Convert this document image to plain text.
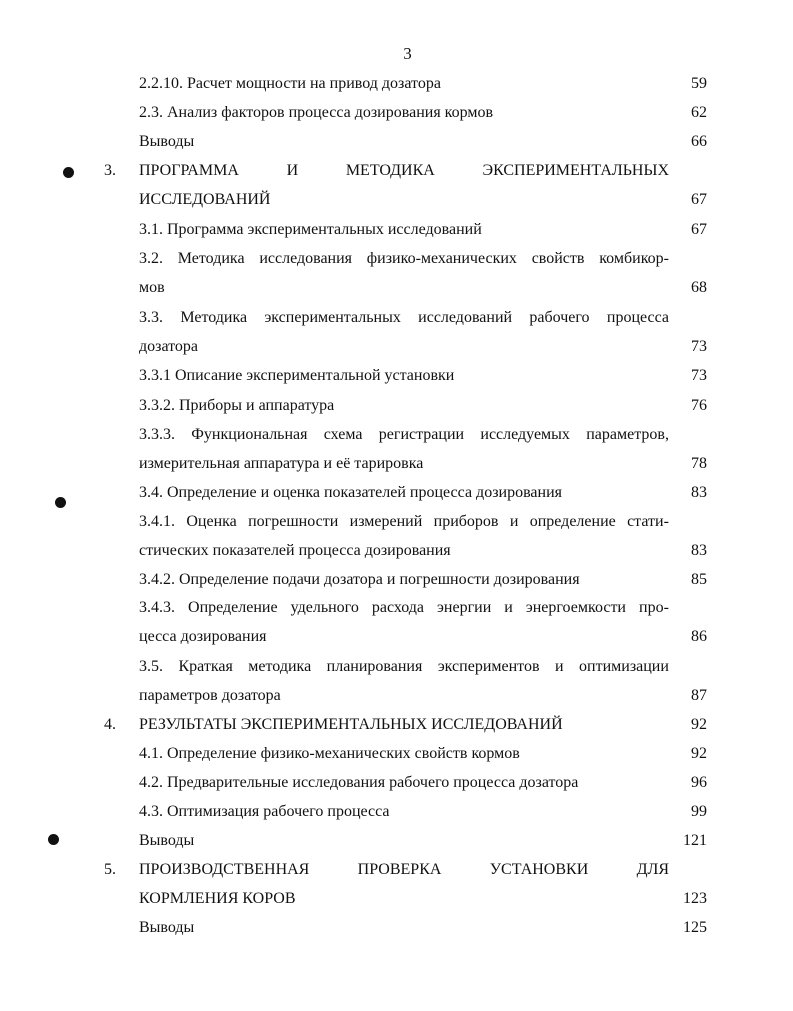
3
2.2.10. Расчет мощности на привод дозатора	59
2.3. Анализ факторов процесса дозирования кормов	62
Выводы	66
3. ПРОГРАММА	И	МЕТОДИКА	ЭКСПЕРИМЕНТАЛЬНЫХ
ИССЛЕДОВАНИЙ	67
3.1. Программа экспериментальных исследований	67
3.2. Методика исследования физико-механических свойств комбикор-
мов	68
3.3. Методика экспериментальных исследований рабочего процесса
дозатора	73
3.3.1 Описание экспериментальной установки	73
3.3.2. Приборы и аппаратура	76
3.3.3. Функциональная схема регистрации исследуемых параметров,
измерительная аппаратура и её тарировка	78
3.4. Определение и оценка показателей процесса дозирования	83
3.4.1. Оценка погрешности измерений приборов и определение стати-
стических показателей процесса дозирования	83
3.4.2. Определение подачи дозатора и погрешности дозирования	85
3.4.3. Определение удельного расхода энергии и энергоемкости про-
цесса дозирования	86
3.5. Краткая методика планирования экспериментов и оптимизации
параметров дозатора	87
4. РЕЗУЛЬТАТЫ ЭКСПЕРИМЕНТАЛЬНЫХ ИССЛЕДОВАНИЙ	92
4.1. Определение физико-механических свойств кормов	92
4.2. Предварительные исследования рабочего процесса дозатора	96
4.3. Оптимизация рабочего процесса	99
Выводы	121
5. ПРОИЗВОДСТВЕННАЯ	ПРОВЕРКА	УСТАНОВКИ	ДЛЯ
КОРМЛЕНИЯ КОРОВ	123
Выводы	125
